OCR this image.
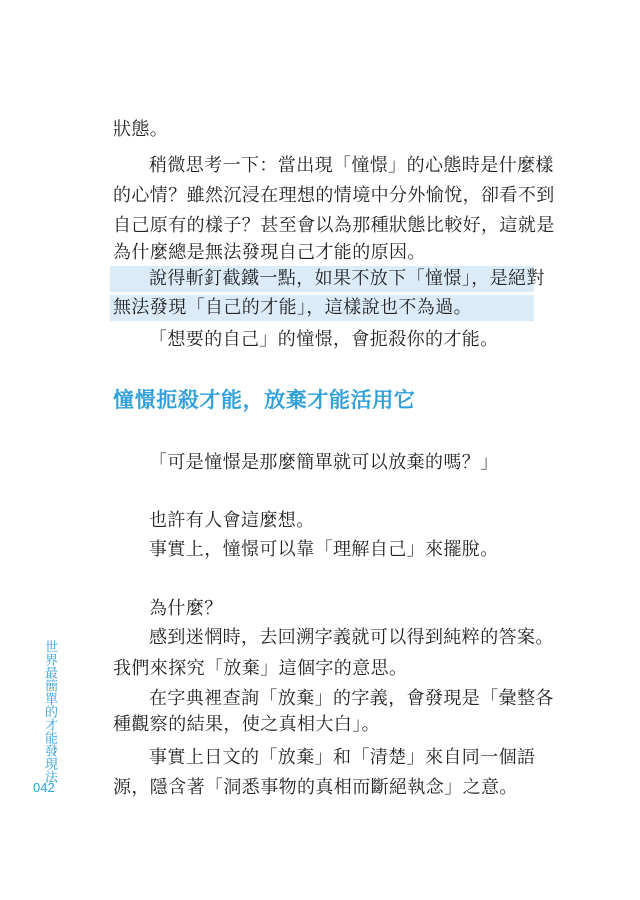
狀態。
稍微思考一下：當出現「憧憬」的心態時是什麼樣
的心情？雖然沉浸在理想的情境中分外愉悅，卻看不到
自己原有的樣子？甚至會以為那種狀態比較好，這就是
為什麼總是無法發現自己才能的原因。
說得斬釘截鐵一點，如果不放下「憧憬」，是絕對
無法發現「自己的才能」，這樣說也不為過。
「想要的自己」的憧憬，會扼殺你的才能。
憧憬扼殺才能，放棄才能活用它
「可是憧憬是那麼簡單就可以放棄的嗎？」
也許有人會這麼想。
事實上，憧憬可以靠「理解自己」來擺脫。
為什麼？
感到迷惘時，去回溯字義就可以得到純粹的答案。
我們來探究「放棄」這個字的意思。
在字典裡查詢「放棄」的字義，會發現是「彙整各
種觀察的結果，使之真相大白」。
事實上日文的「放棄」和「清楚」來自同一個語
源，隱含著「洞悉事物的真相而斷絕執念」之意。
世界最簡單的才能發現法
042
